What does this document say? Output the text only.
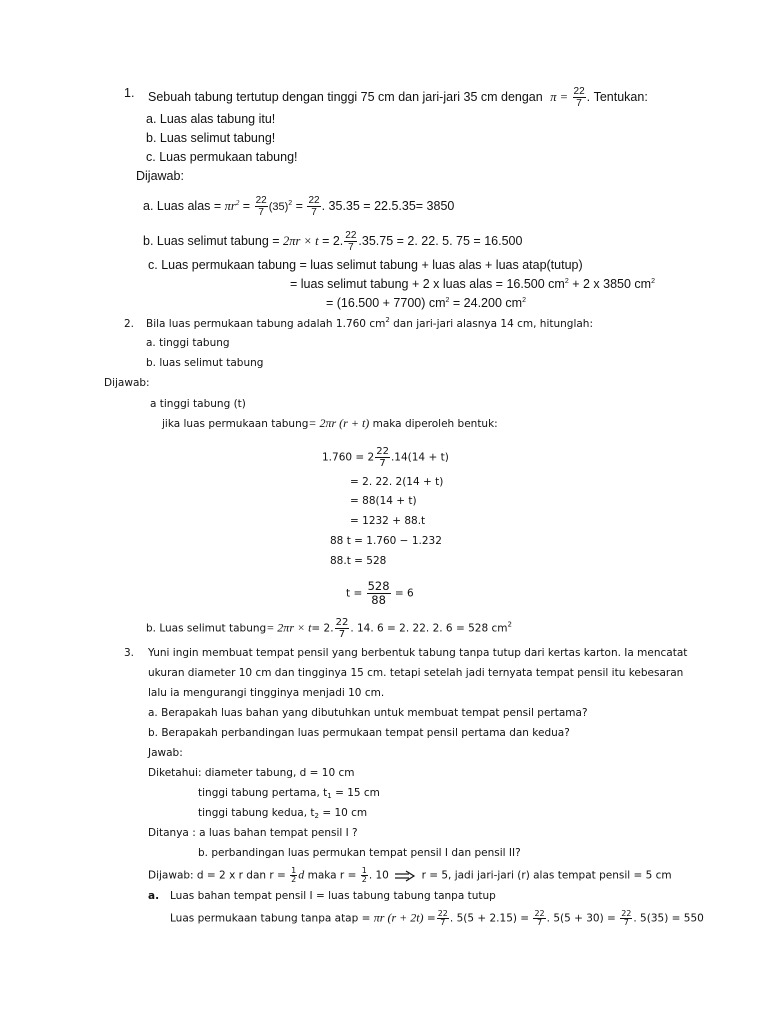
1. Sebuah tabung tertutup dengan tinggi 75 cm dan jari-jari 35 cm dengan $\pi = \frac{22}{7}$ . Tentukan:
a. Luas alas tabung itu!
b. Luas selimut tabung!
c. Luas permukaan tabung!
Dijawab:
a. Luas alas = $\pi r^2 = \frac{22}{7} (35)^2 = \frac{22}{7}$ . 35.35 = 22.5.35= 3850
b. Luas selimut tabung = 2πr × t = 2. $\frac{22}{7} .35.75 = 2$. 22. 5. 75 = 16.500
c. Luas permukaan tabung = luas selimut tabung + luas alas + luas atap(tutup)
= luas selimut tabung + 2 x luas alas = 16.500 $cm^2 + 2$ x 3850 $cm^2$
= (16.500 + 7700) $cm^2 = 24.200$ $cm^2$
2. Bila luas permukaan tabung adalah 1.760 $cm^2$ dan jari-jari alasnya 14 cm, hitunglah:
a. tinggi tabung
b. luas selimut tabung
Dijawab:
a tinggi tabung (t)
jika luas permukaan tabung= 2πr (r + t) maka diperoleh bentuk:
$1.760 = 2 \frac{22}{7} .14(14 + t)$
= 2. 22. 2(14 + t)
= 88(14 + t)
= 1232 + 88.t
88 t = 1.760 − 1.232
88.t = 528
$t = \frac{528}{88} = 6$
b. Luas selimut tabung= 2πr × t= 2. $\frac{22}{7}$ . 14. 6 = 2. 22. 2. 6 = 528 $cm^2$
3. Yuni ingin membuat tempat pensil yang berbentuk tabung tanpa tutup dari kertas karton. Ia mencatat
ukuran diameter 10 cm dan tingginya 15 cm. tetapi setelah jadi ternyata tempat pensil itu kebesaran
lalu ia mengurangi tingginya menjadi 10 cm.
a. Berapakah luas bahan yang dibutuhkan untuk membuat tempat pensil pertama?
b. Berapakah perbandingan luas permukaan tempat pensil pertama dan kedua?
Jawab:
Diketahui: diameter tabung, d = 10 cm
tinggi tabung pertama, $t_1 = 15$ cm
tinggi tabung kedua, $t_2 = 10$ cm
Ditanya : a luas bahan tempat pensil I ?
b. perbandingan luas permukan tempat pensil I dan pensil II?
Dijawab: d = 2 x r dan $r = \frac{1}{2}$ d maka $r = \frac{1}{2}$ . 10	r = 5, jadi jari-jari (r) alas tempat pensil = 5 cm
a. Luas bahan tempat pensil I = luas tabung tabung tanpa tutup
Luas permukaan tabung tanpa atap = πr $(r + 2t) = \frac{22}{7}$ . $5(5 + 2.15) = \frac{22}{7}$ . $5(5 + 30) = \frac{22}{7}$ . 5(35) = 550
